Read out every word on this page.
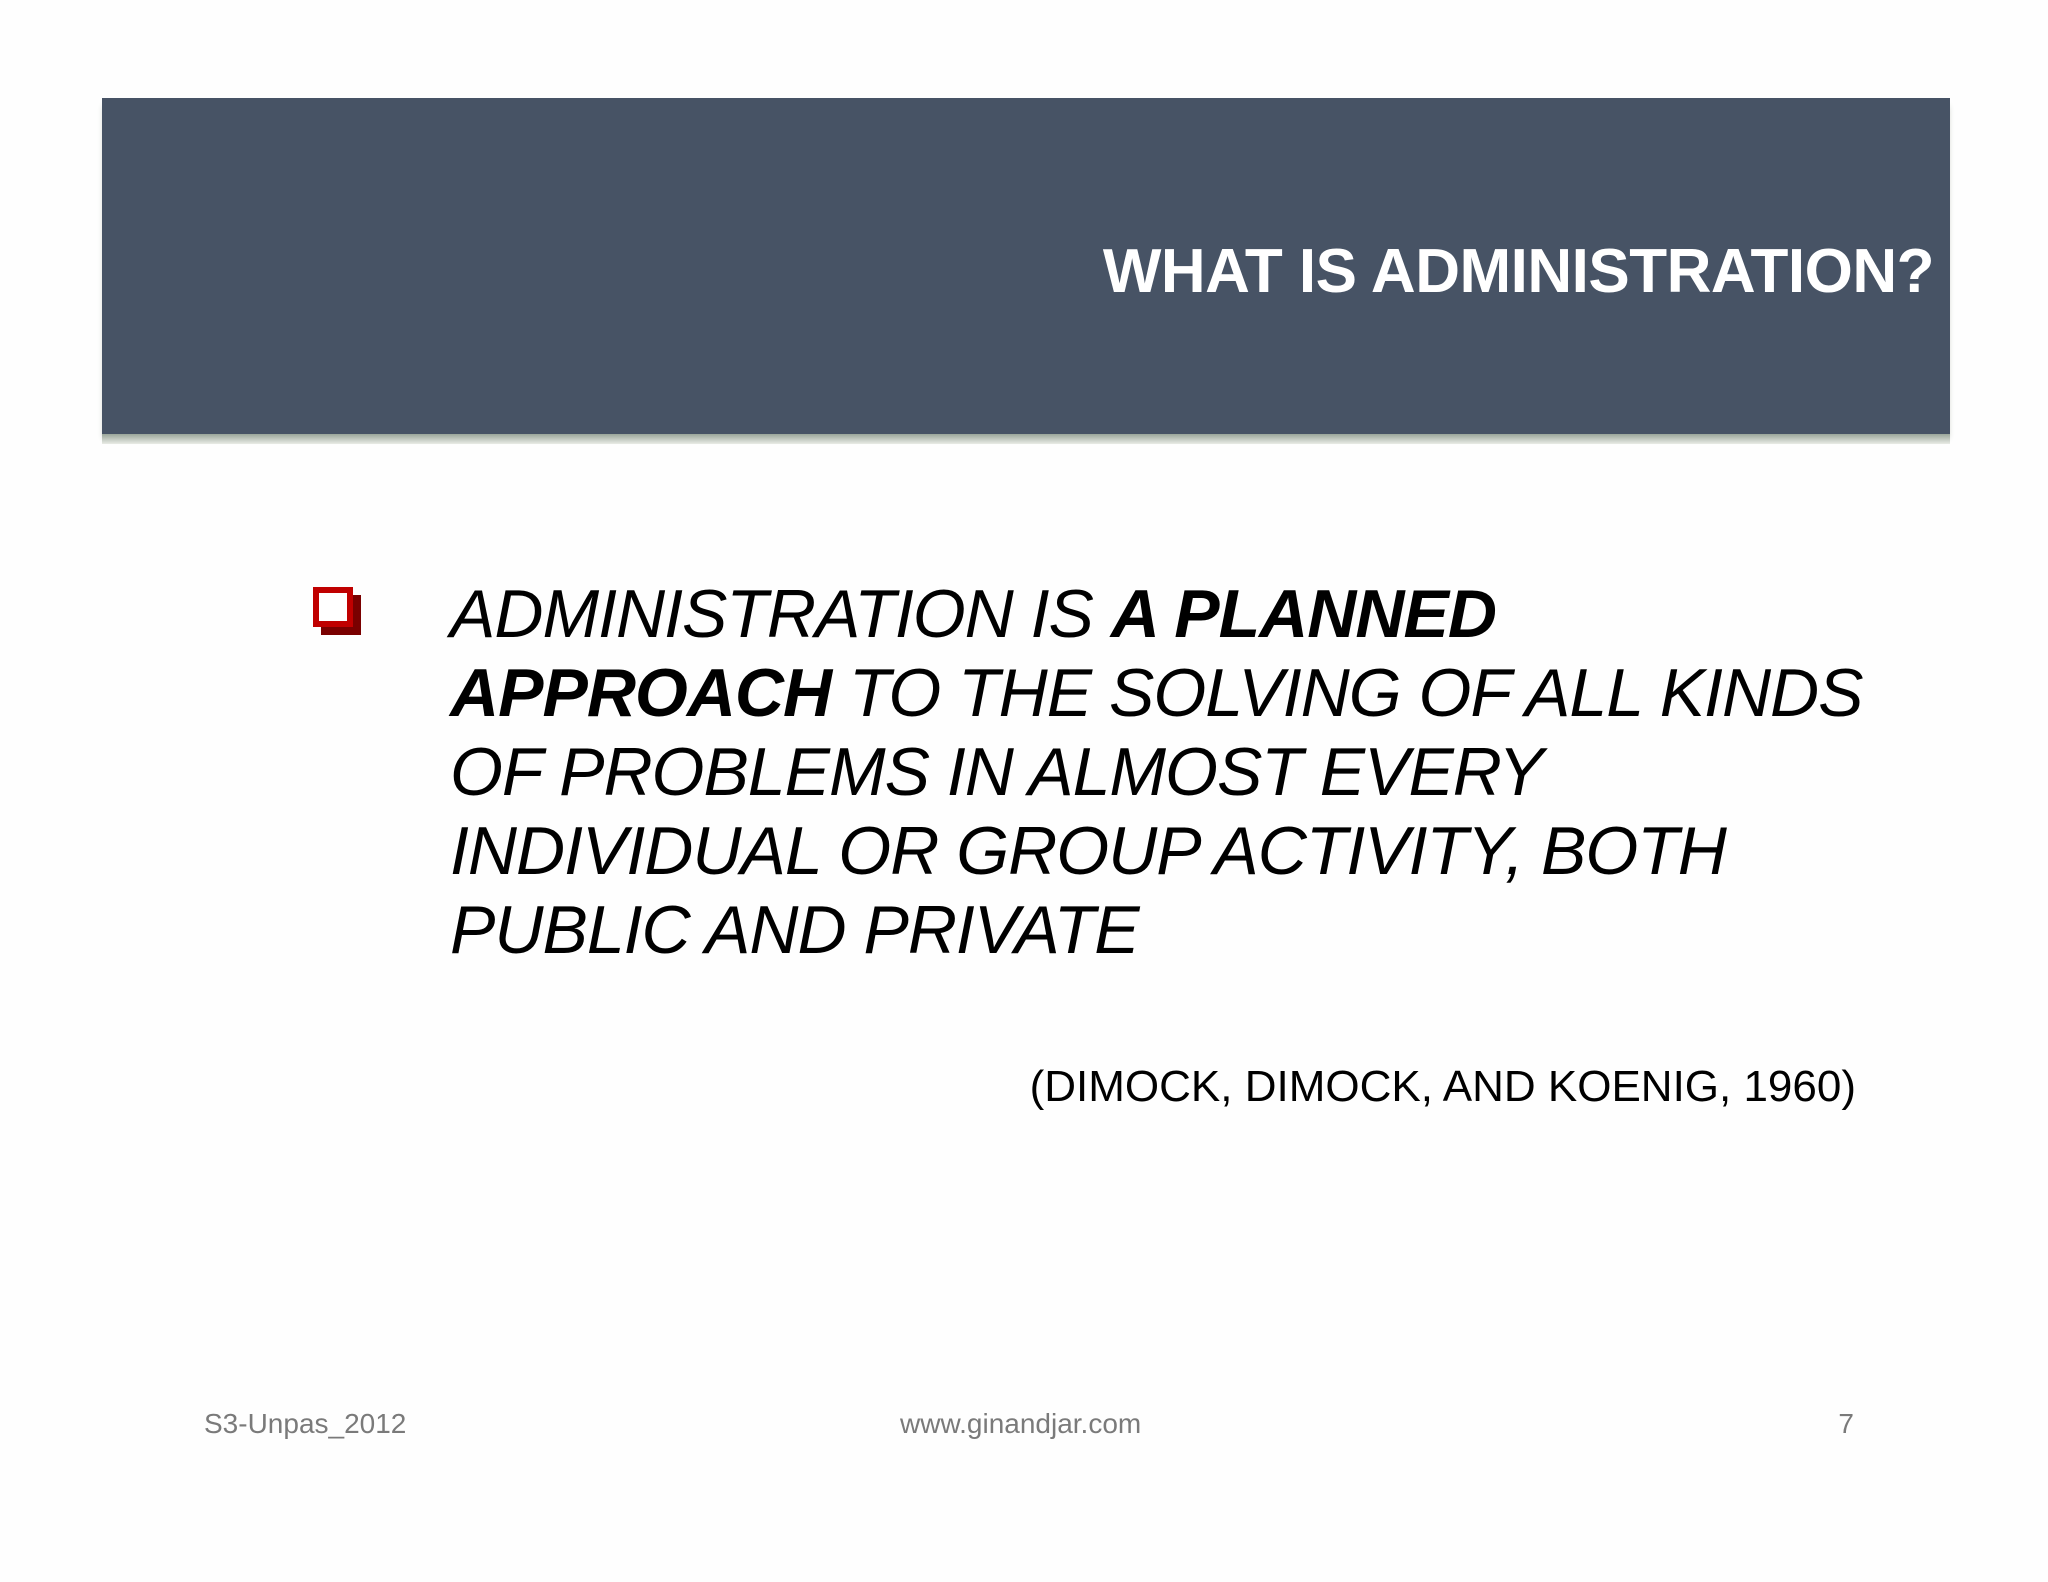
WHAT IS ADMINISTRATION?
ADMINISTRATION IS A PLANNED APPROACH TO THE SOLVING OF ALL KINDS OF PROBLEMS IN ALMOST EVERY INDIVIDUAL OR GROUP ACTIVITY, BOTH PUBLIC AND PRIVATE
(DIMOCK, DIMOCK, AND KOENIG, 1960)
S3-Unpas_2012	www.ginandjar.com	7
